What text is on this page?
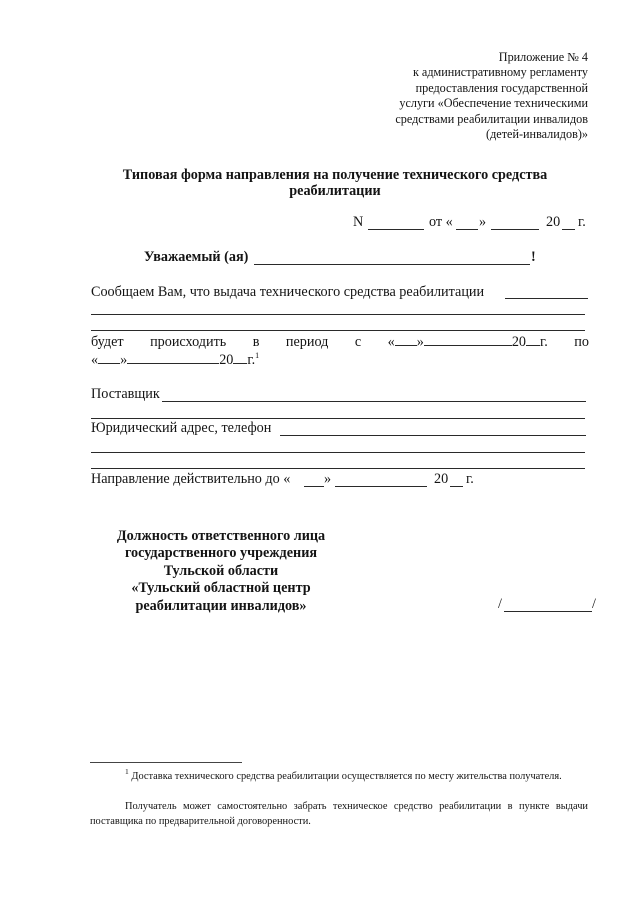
Приложение № 4
к административному регламенту
предоставления государственной
услуги «Обеспечение техническими
средствами реабилитации инвалидов
(детей-инвалидов)»
Типовая форма направления на получение технического средства
реабилитации
N	от « »	20 г.
Уважаемый (ая)	!
Сообщаем Вам, что выдача технического средства реабилитации
будет происходить в период с « »	20 г. по
« »	20 г.$^1$
Поставщик
Юридический адрес, телефон
Направление действительно до « »	20 г.
Должность ответственного лица
государственного учреждения
Тульской области
«Тульский областной центр
реабилитации инвалидов»	/	/
$^1$ Доставка технического средства реабилитации осуществляется по месту жительства получателя.
Получатель может самостоятельно забрать техническое средство реабилитации в пункте выдачи поставщика по предварительной договоренности.
